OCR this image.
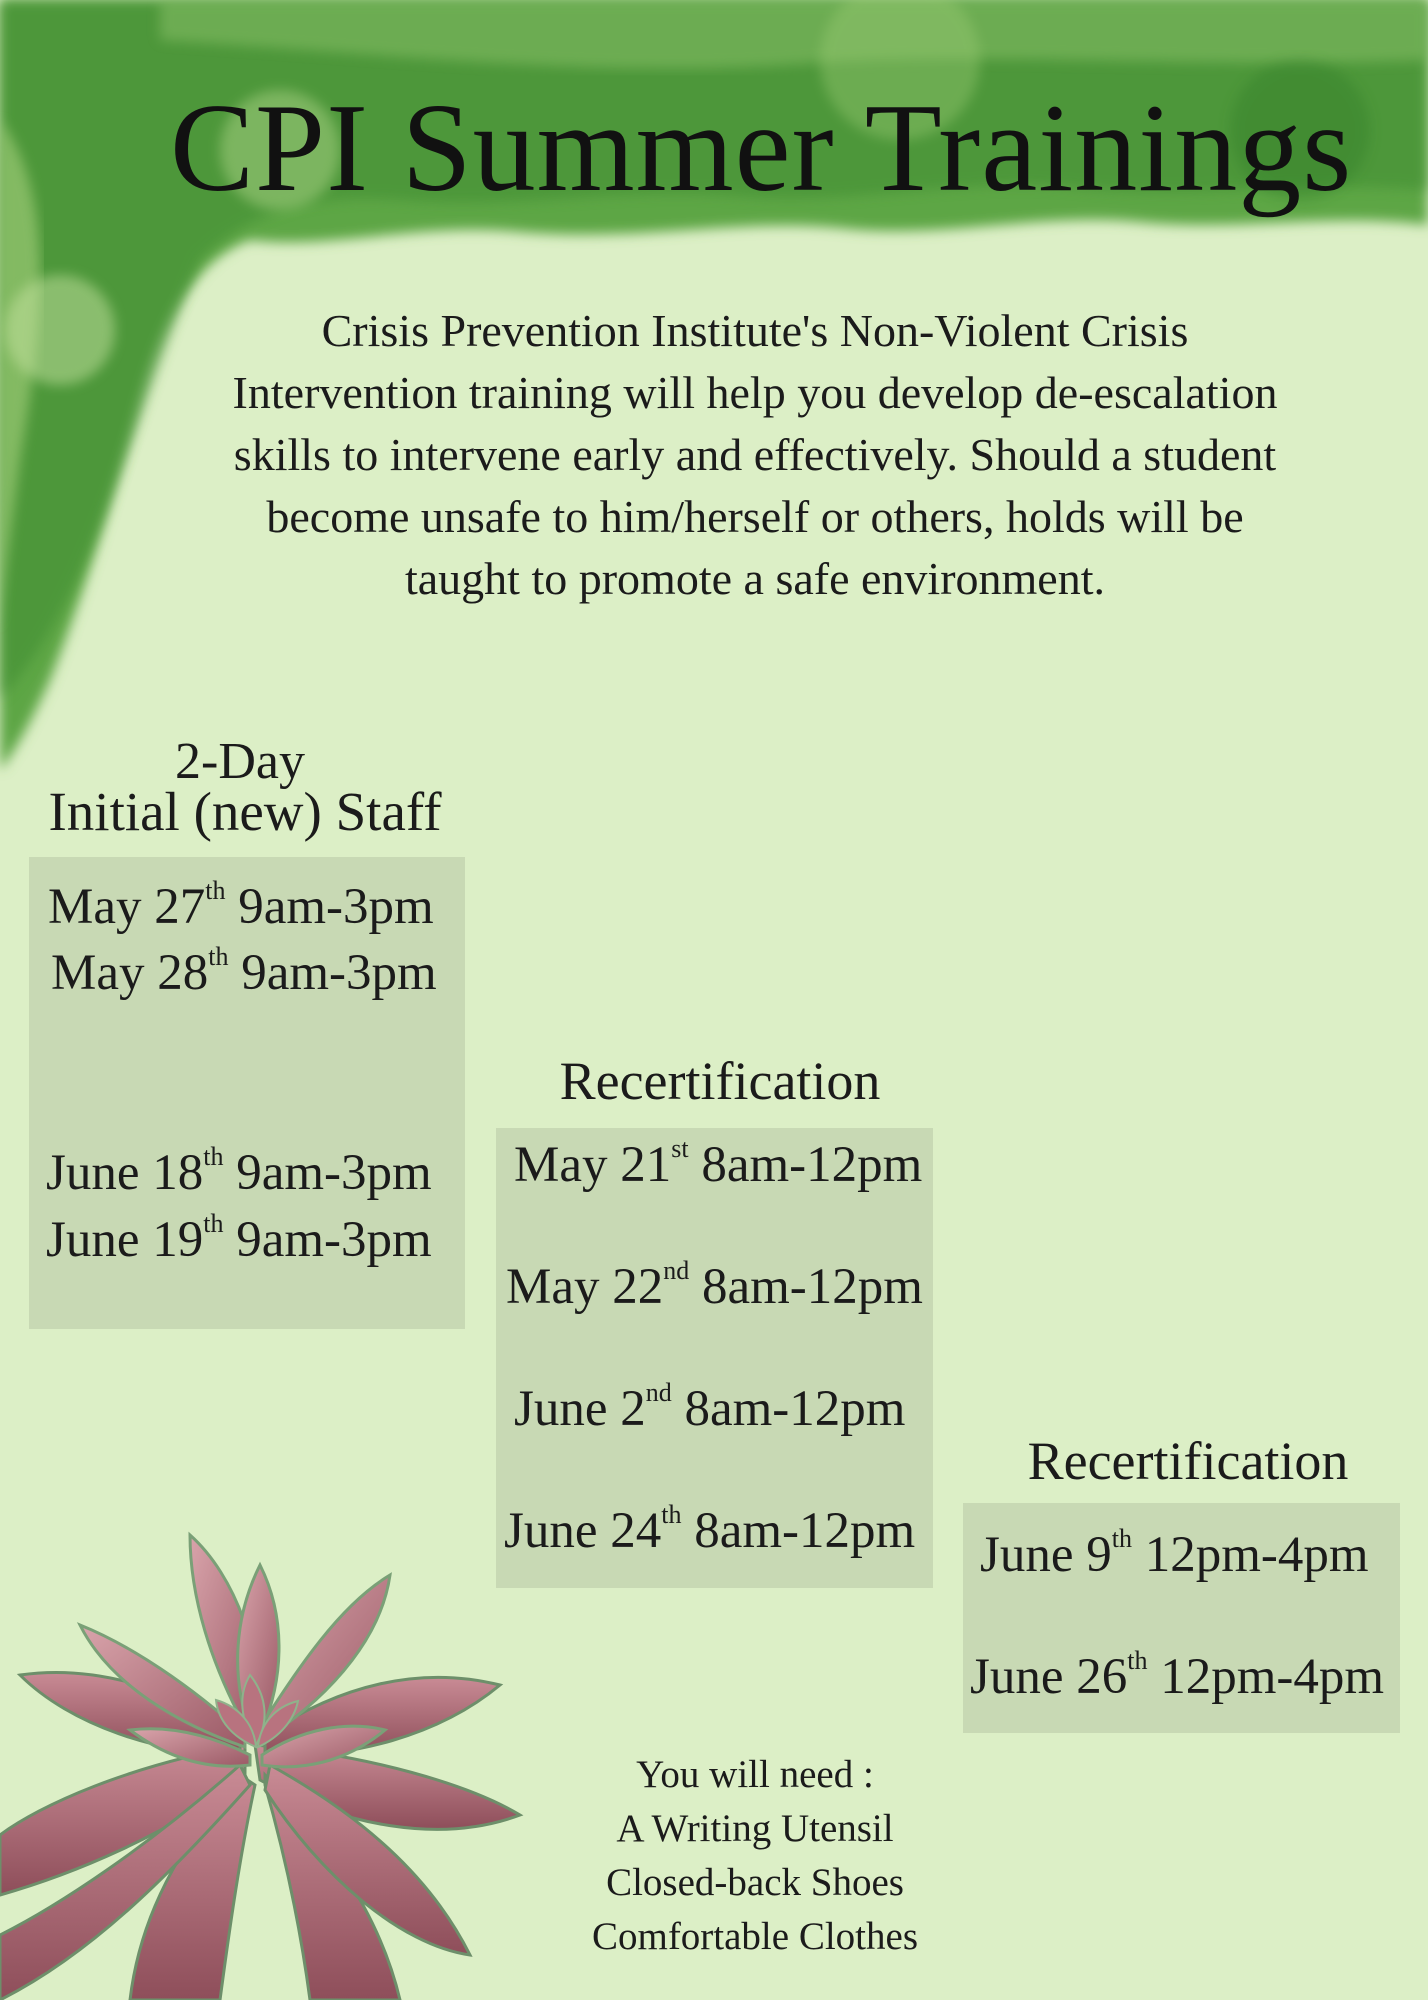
CPI Summer Trainings
Crisis Prevention Institute's Non-Violent Crisis Intervention training will help you develop de-escalation skills to intervene early and effectively. Should a student become unsafe to him/herself or others, holds will be taught to promote a safe environment.
2-Day
Initial (new) Staff
May 27th 9am-3pm
May 28th 9am-3pm
June 18th 9am-3pm
June 19th 9am-3pm
Recertification
May 21st 8am-12pm
May 22nd 8am-12pm
June 2nd 8am-12pm
June 24th 8am-12pm
Recertification
June 9th 12pm-4pm
June 26th 12pm-4pm
You will need :
A Writing Utensil
Closed-back Shoes
Comfortable Clothes
